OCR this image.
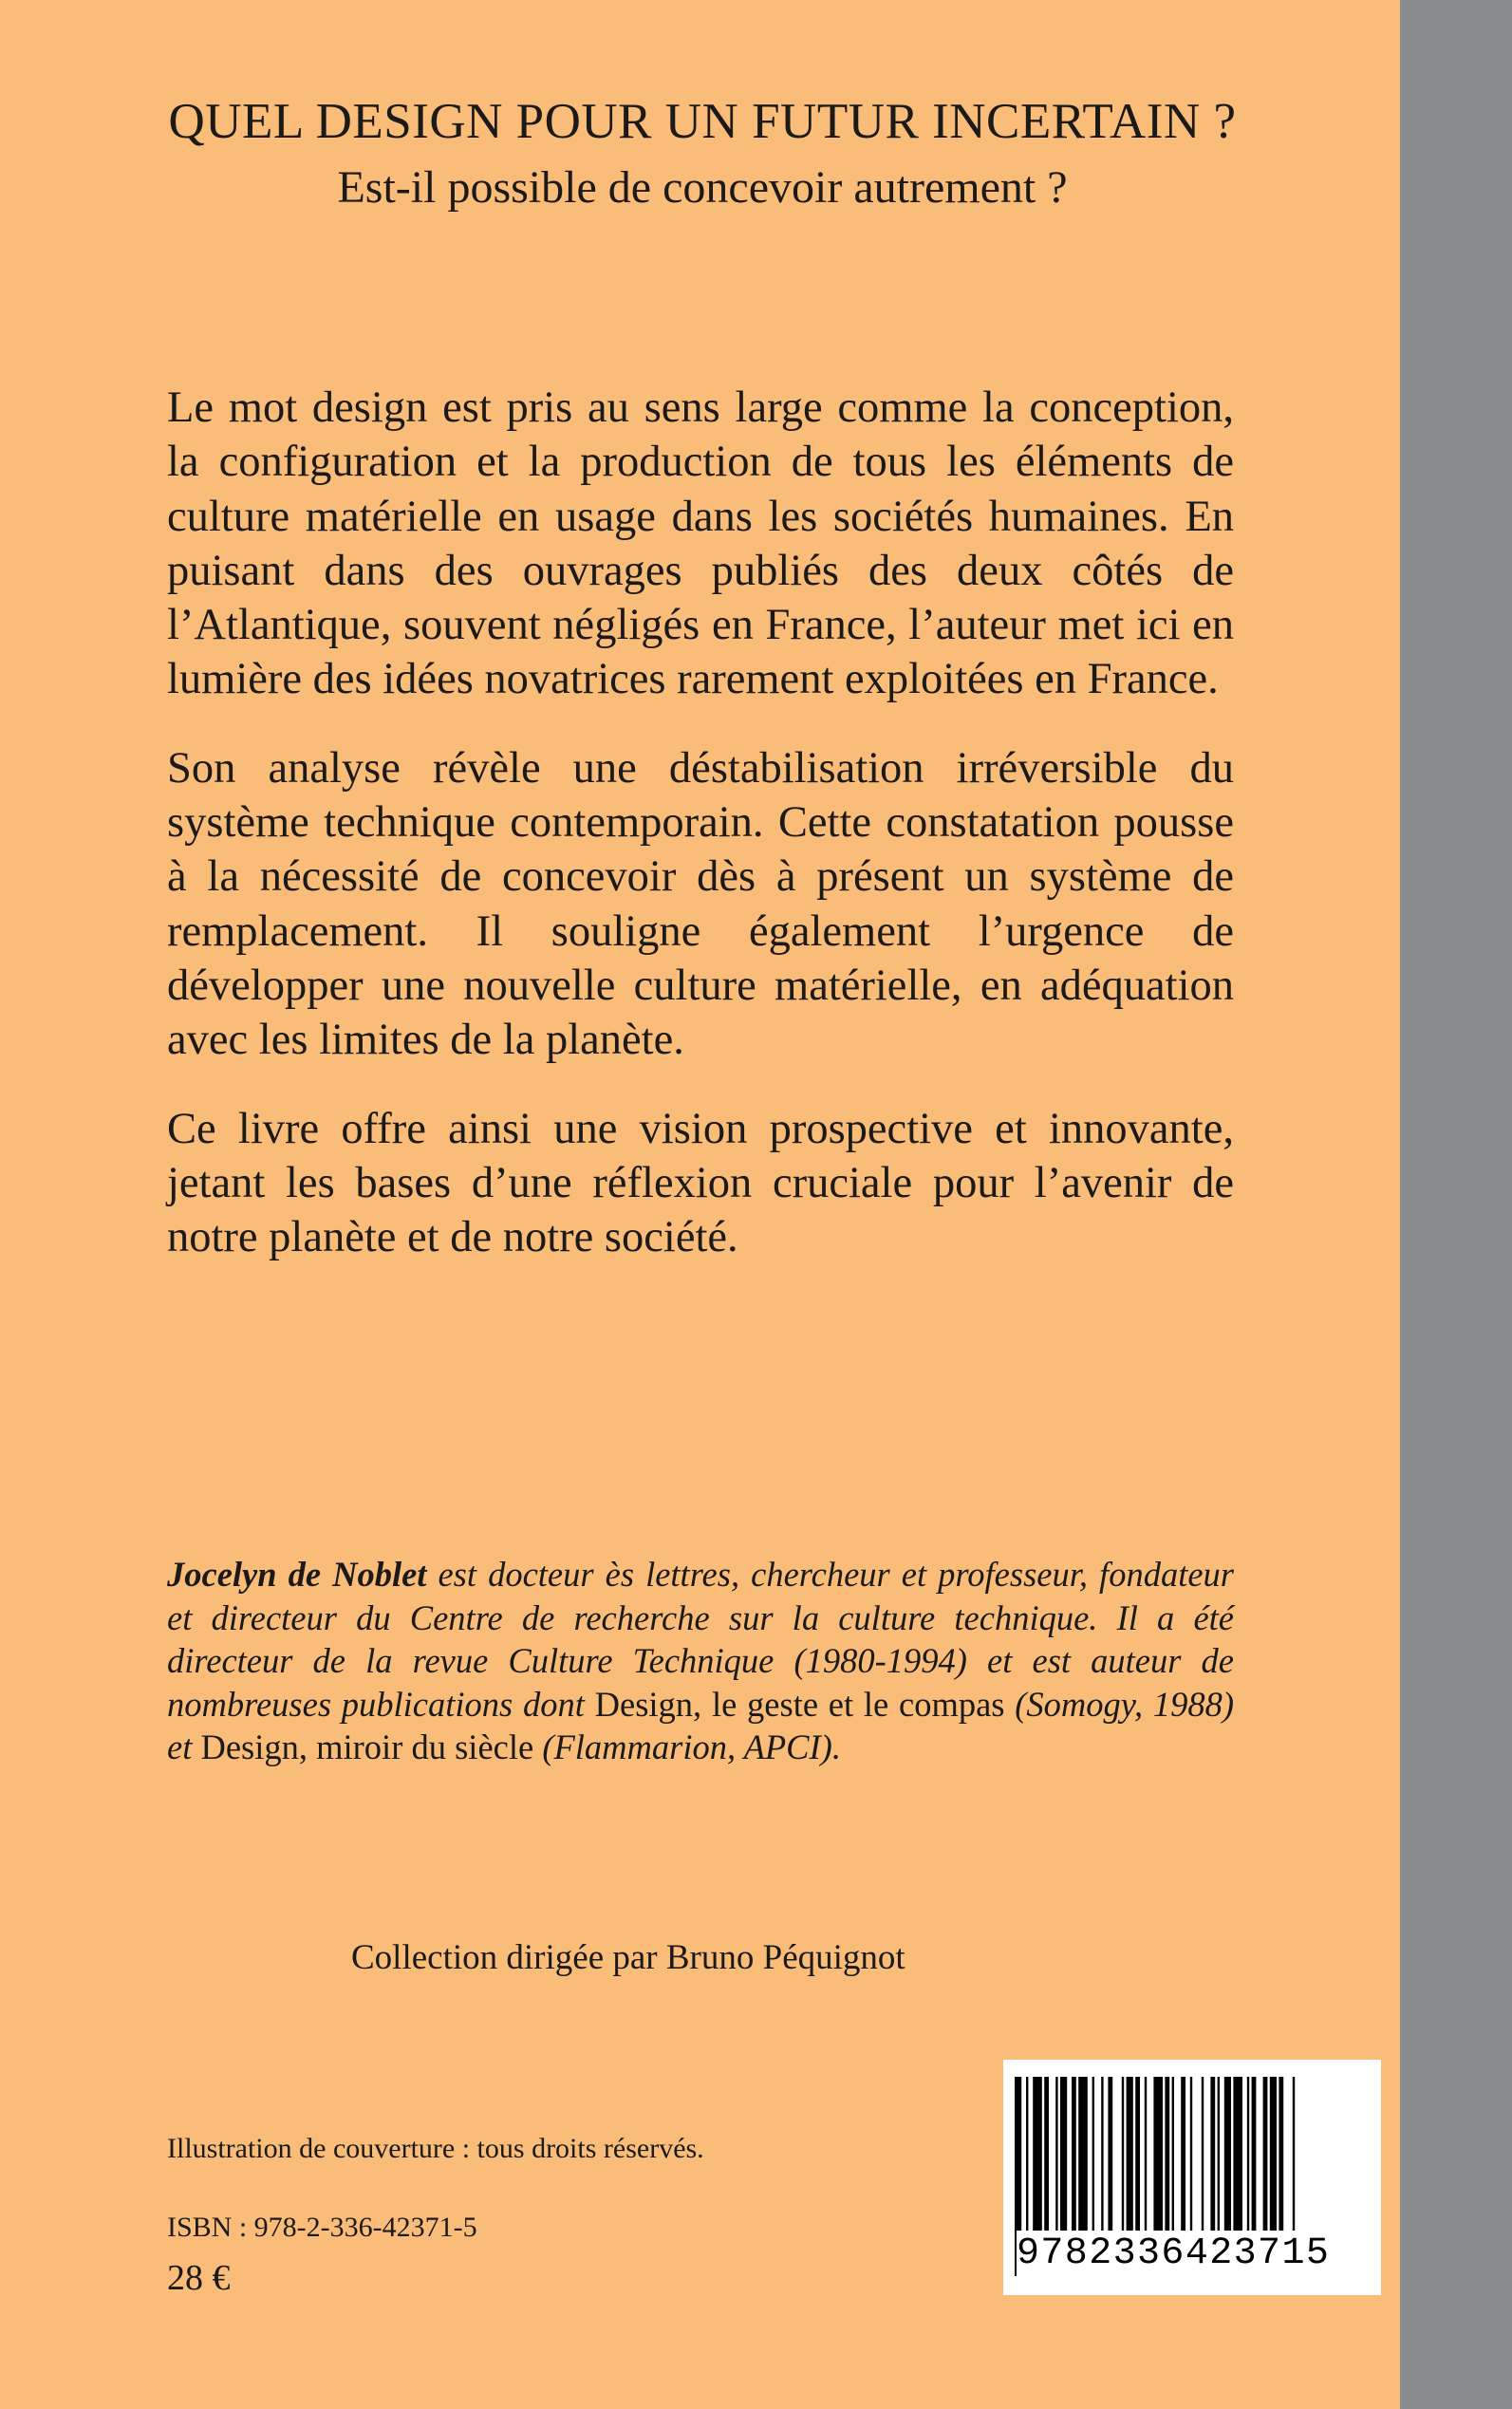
QUEL DESIGN POUR UN FUTUR INCERTAIN ?
Est-il possible de concevoir autrement ?

Le mot design est pris au sens large comme la conception, la configuration et la production de tous les éléments de culture matérielle en usage dans les sociétés humaines. En puisant dans des ouvrages publiés des deux côtés de l’Atlantique, souvent négligés en France, l’auteur met ici en lumière des idées novatrices rarement exploitées en France.

Son analyse révèle une déstabilisation irréversible du système technique contemporain. Cette constatation pousse à la nécessité de concevoir dès à présent un système de remplacement. Il souligne également l’urgence de développer une nouvelle culture matérielle, en adéquation avec les limites de la planète.

Ce livre offre ainsi une vision prospective et innovante, jetant les bases d’une réflexion cruciale pour l’avenir de notre planète et de notre société.

Jocelyn de Noblet est docteur ès lettres, chercheur et professeur, fondateur et directeur du Centre de recherche sur la culture technique. Il a été directeur de la revue Culture Technique (1980-1994) et est auteur de nombreuses publications dont Design, le geste et le compas (Somogy, 1988) et Design, miroir du siècle (Flammarion, APCI).
Collection dirigée par Bruno Péquignot
Illustration de couverture : tous droits réservés.
ISBN : 978-2-336-42371-5
28 €
9782336423715
